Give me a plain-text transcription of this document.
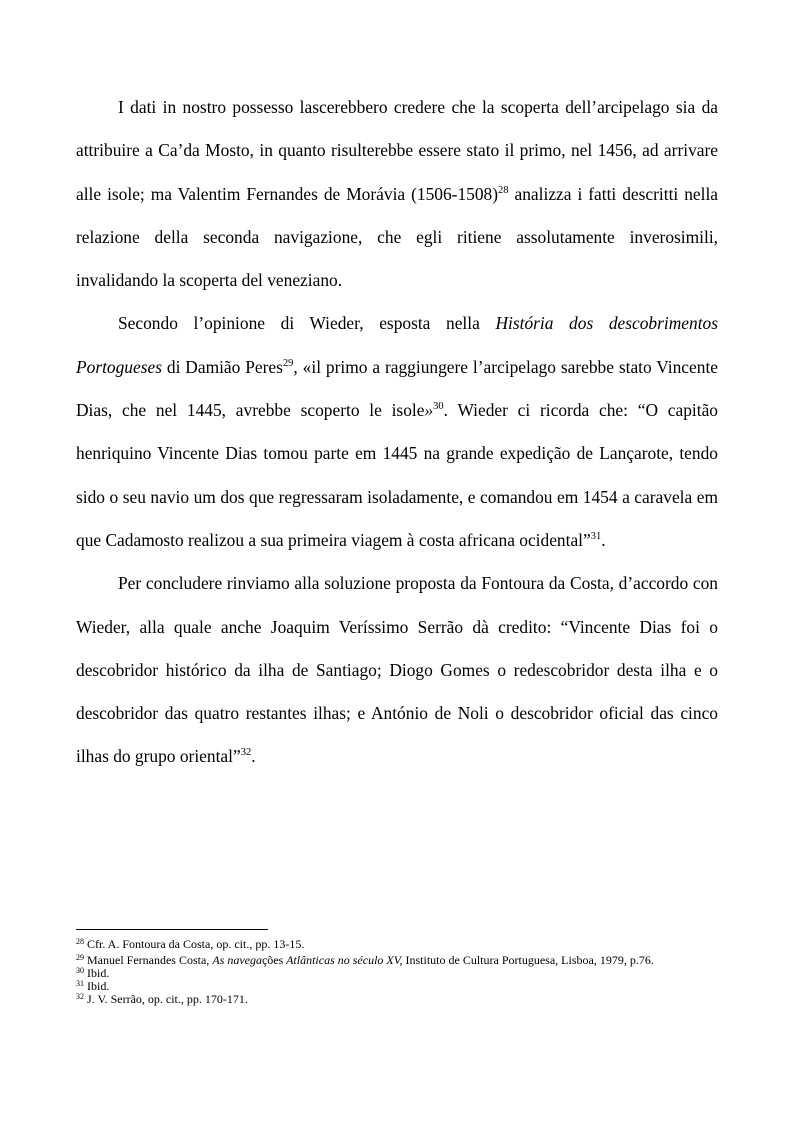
I dati in nostro possesso lascerebbero credere che la scoperta dell’arcipelago sia da attribuire a Ca’da Mosto, in quanto risulterebbe essere stato il primo, nel 1456, ad arrivare alle isole; ma Valentim Fernandes de Morávia (1506-1508)$^{28}$ analizza i fatti descritti nella relazione della seconda navigazione, che egli ritiene assolutamente inverosimili, invalidando la scoperta del veneziano.

Secondo l’opinione di Wieder, esposta nella História dos descobrimentos Portogueses di Damião Peres$^{29}$, «il primo a raggiungere l’arcipelago sarebbe stato Vincente Dias, che nel 1445, avrebbe scoperto le isole»$^{30}$. Wieder ci ricorda che: “O capitão henriquino Vincente Dias tomou parte em 1445 na grande expedição de Lançarote, tendo sido o seu navio um dos que regressaram isoladamente, e comandou em 1454 a caravela em que Cadamosto realizou a sua primeira viagem à costa africana ocidental”$^{31}$.

Per concludere rinviamo alla soluzione proposta da Fontoura da Costa, d’accordo con Wieder, alla quale anche Joaquim Veríssimo Serrão dà credito: “Vincente Dias foi o descobridor histórico da ilha de Santiago; Diogo Gomes o redescobridor desta ilha e o descobridor das quatro restantes ilhas; e António de Noli o descobridor oficial das cinco ilhas do grupo oriental”$^{32}$.

$^{28}$ Cfr. A. Fontoura da Costa, op. cit., pp. 13-15.

$^{29}$ Manuel Fernandes Costa, As navegações Atlânticas no século XV, Instituto de Cultura Portuguesa, Lisboa, 1979, p.76.

$^{30}$ Ibid.

$^{31}$ Ibid.

$^{32}$ J. V. Serrão, op. cit., pp. 170-171.
